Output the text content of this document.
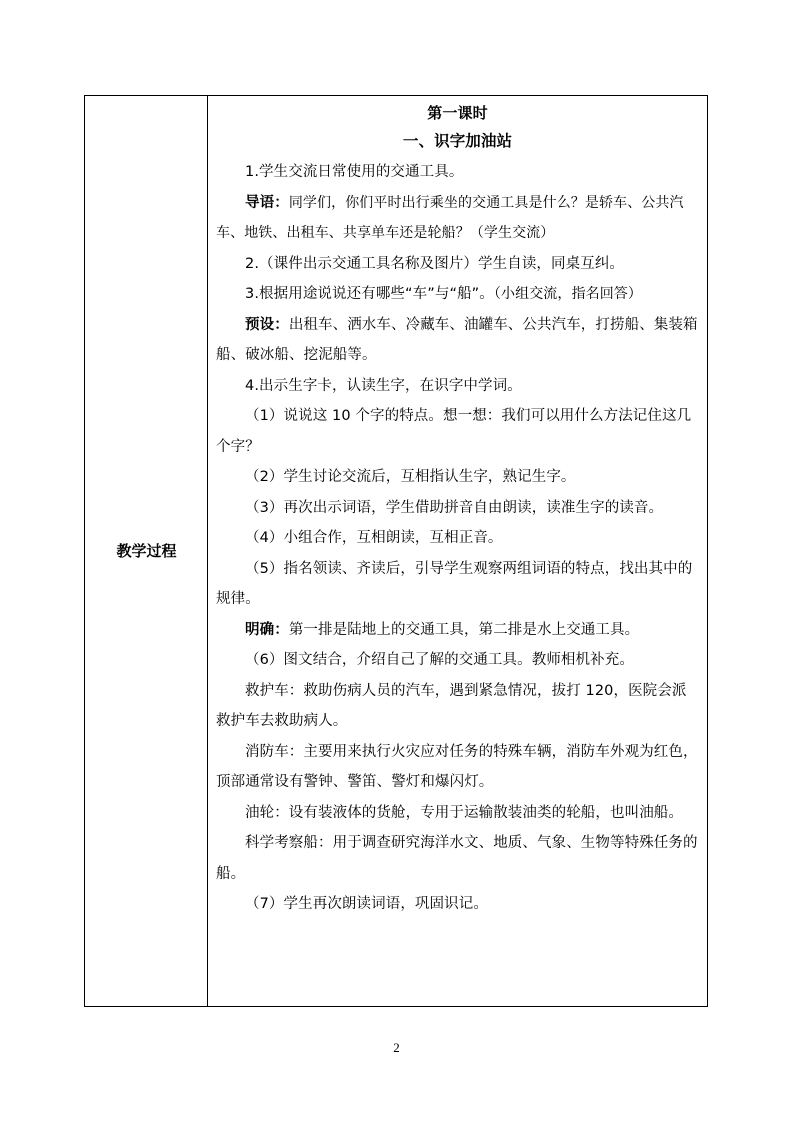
教学过程
第一课时
一、识字加油站

1.学生交流日常使用的交通工具。

导语：同学们，你们平时出行乘坐的交通工具是什么？是轿车、公共汽车、地铁、出租车、共享单车还是轮船？（学生交流）

2.（课件出示交通工具名称及图片）学生自读，同桌互纠。

3.根据用途说说还有哪些“车”与“船”。（小组交流，指名回答）

预设：出租车、洒水车、冷藏车、油罐车、公共汽车，打捞船、集装箱船、破冰船、挖泥船等。

4.出示生字卡，认读生字，在识字中学词。

（1）说说这 10 个字的特点。想一想：我们可以用什么方法记住这几个字？

（2）学生讨论交流后，互相指认生字，熟记生字。

（3）再次出示词语，学生借助拼音自由朗读，读准生字的读音。

（4）小组合作，互相朗读，互相正音。

（5）指名领读、齐读后，引导学生观察两组词语的特点，找出其中的规律。

明确：第一排是陆地上的交通工具，第二排是水上交通工具。

（6）图文结合，介绍自己了解的交通工具。教师相机补充。

救护车：救助伤病人员的汽车，遇到紧急情况，拔打 120，医院会派救护车去救助病人。

消防车：主要用来执行火灾应对任务的特殊车辆，消防车外观为红色，顶部通常设有警钟、警笛、警灯和爆闪灯。

油轮：设有装液体的货舱，专用于运输散装油类的轮船，也叫油船。

科学考察船：用于调查研究海洋水文、地质、气象、生物等特殊任务的船。

（7）学生再次朗读词语，巩固识记。

2
